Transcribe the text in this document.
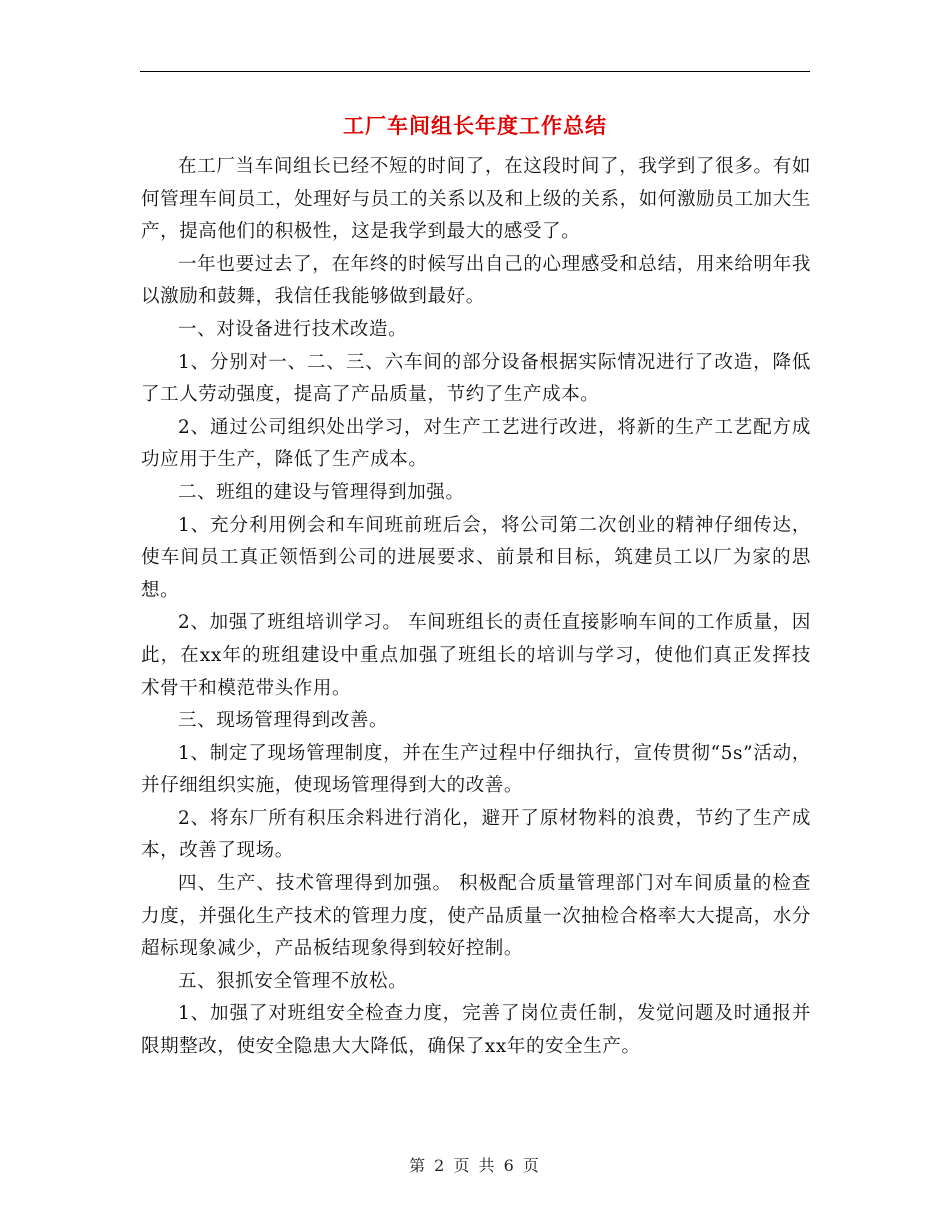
工厂车间组长年度工作总结

在工厂当车间组长已经不短的时间了，在这段时间了，我学到了很多。有如何管理车间员工，处理好与员工的关系以及和上级的关系，如何激励员工加大生产，提高他们的积极性，这是我学到最大的感受了。

一年也要过去了，在年终的时候写出自己的心理感受和总结，用来给明年我以激励和鼓舞，我信任我能够做到最好。

一、对设备进行技术改造。

1、分别对一、二、三、六车间的部分设备根据实际情况进行了改造，降低了工人劳动强度，提高了产品质量，节约了生产成本。

2、通过公司组织处出学习，对生产工艺进行改进，将新的生产工艺配方成功应用于生产，降低了生产成本。

二、班组的建设与管理得到加强。

1、充分利用例会和车间班前班后会，将公司第二次创业的精神仔细传达，使车间员工真正领悟到公司的进展要求、前景和目标，筑建员工以厂为家的思想。

2、加强了班组培训学习。 车间班组长的责任直接影响车间的工作质量，因此，在xx年的班组建设中重点加强了班组长的培训与学习，使他们真正发挥技术骨干和模范带头作用。

三、现场管理得到改善。

1、制定了现场管理制度，并在生产过程中仔细执行，宣传贯彻“5s”活动，并仔细组织实施，使现场管理得到大的改善。

2、将东厂所有积压余料进行消化，避开了原材物料的浪费，节约了生产成本，改善了现场。

四、生产、技术管理得到加强。 积极配合质量管理部门对车间质量的检查力度，并强化生产技术的管理力度，使产品质量一次抽检合格率大大提高，水分超标现象减少，产品板结现象得到较好控制。

五、狠抓安全管理不放松。

1、加强了对班组安全检查力度，完善了岗位责任制，发觉问题及时通报并限期整改，使安全隐患大大降低，确保了xx年的安全生产。

第 2 页 共 6 页
